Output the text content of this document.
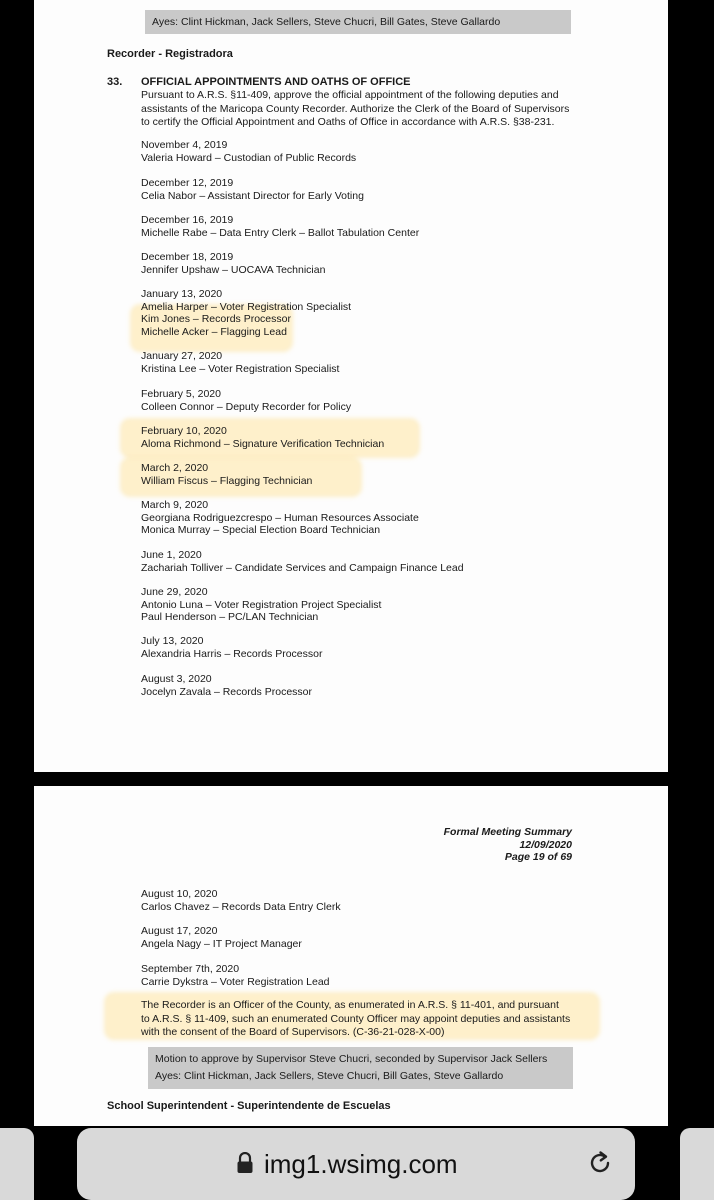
Ayes: Clint Hickman, Jack Sellers, Steve Chucri, Bill Gates, Steve Gallardo
Recorder - Registradora
33. OFFICIAL APPOINTMENTS AND OATHS OF OFFICE
Pursuant to A.R.S. §11-409, approve the official appointment of the following deputies and
assistants of the Maricopa County Recorder. Authorize the Clerk of the Board of Supervisors
to certify the Official Appointment and Oaths of Office in accordance with A.R.S. §38-231.
November 4, 2019
Valeria Howard – Custodian of Public Records
December 12, 2019
Celia Nabor – Assistant Director for Early Voting
December 16, 2019
Michelle Rabe – Data Entry Clerk – Ballot Tabulation Center
December 18, 2019
Jennifer Upshaw – UOCAVA Technician
January 13, 2020
Amelia Harper – Voter Registration Specialist
Kim Jones – Records Processor
Michelle Acker – Flagging Lead
January 27, 2020
Kristina Lee – Voter Registration Specialist
February 5, 2020
Colleen Connor – Deputy Recorder for Policy
February 10, 2020
Aloma Richmond – Signature Verification Technician
March 2, 2020
William Fiscus – Flagging Technician
March 9, 2020
Georgiana Rodriguezcrespo – Human Resources Associate
Monica Murray – Special Election Board Technician
June 1, 2020
Zachariah Tolliver – Candidate Services and Campaign Finance Lead
June 29, 2020
Antonio Luna – Voter Registration Project Specialist
Paul Henderson – PC/LAN Technician
July 13, 2020
Alexandria Harris – Records Processor
August 3, 2020
Jocelyn Zavala – Records Processor
Formal Meeting Summary
12/09/2020
Page 19 of 69
August 10, 2020
Carlos Chavez – Records Data Entry Clerk
August 17, 2020
Angela Nagy – IT Project Manager
September 7th, 2020
Carrie Dykstra – Voter Registration Lead
The Recorder is an Officer of the County, as enumerated in A.R.S. § 11-401, and pursuant
to A.R.S. § 11-409, such an enumerated County Officer may appoint deputies and assistants
with the consent of the Board of Supervisors. (C-36-21-028-X-00)
Motion to approve by Supervisor Steve Chucri, seconded by Supervisor Jack Sellers
Ayes: Clint Hickman, Jack Sellers, Steve Chucri, Bill Gates, Steve Gallardo
School Superintendent - Superintendente de Escuelas
img1.wsimg.com
